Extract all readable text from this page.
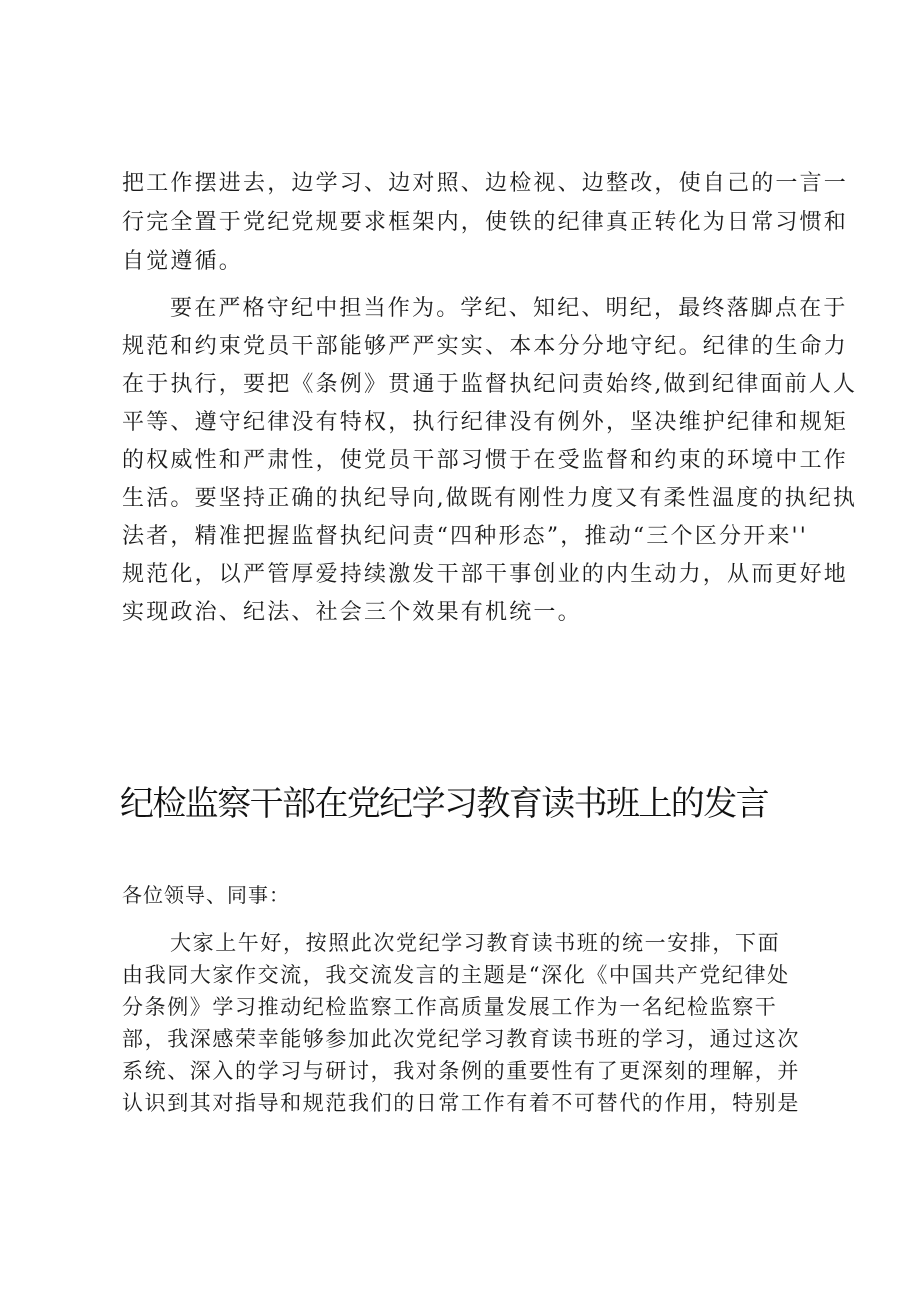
把工作摆进去，边学习、边对照、边检视、边整改，使自己的一言一
行完全置于党纪党规要求框架内，使铁的纪律真正转化为日常习惯和
自觉遵循。
要在严格守纪中担当作为。学纪、知纪、明纪，最终落脚点在于
规范和约束党员干部能够严严实实、本本分分地守纪。纪律的生命力
在于执行，要把《条例》贯通于监督执纪问责始终,做到纪律面前人人
平等、遵守纪律没有特权，执行纪律没有例外，坚决维护纪律和规矩
的权威性和严肃性，使党员干部习惯于在受监督和约束的环境中工作
生活。要坚持正确的执纪导向,做既有刚性力度又有柔性温度的执纪执
法者，精准把握监督执纪问责“四种形态”，推动“三个区分开来''
规范化，以严管厚爱持续激发干部干事创业的内生动力，从而更好地
实现政治、纪法、社会三个效果有机统一。
纪检监察干部在党纪学习教育读书班上的发言
各位领导、同事：
大家上午好，按照此次党纪学习教育读书班的统一安排，下面
由我同大家作交流，我交流发言的主题是“深化《中国共产党纪律处
分条例》学习推动纪检监察工作高质量发展工作为一名纪检监察干
部，我深感荣幸能够参加此次党纪学习教育读书班的学习，通过这次
系统、深入的学习与研讨，我对条例的重要性有了更深刻的理解，并
认识到其对指导和规范我们的日常工作有着不可替代的作用，特别是
